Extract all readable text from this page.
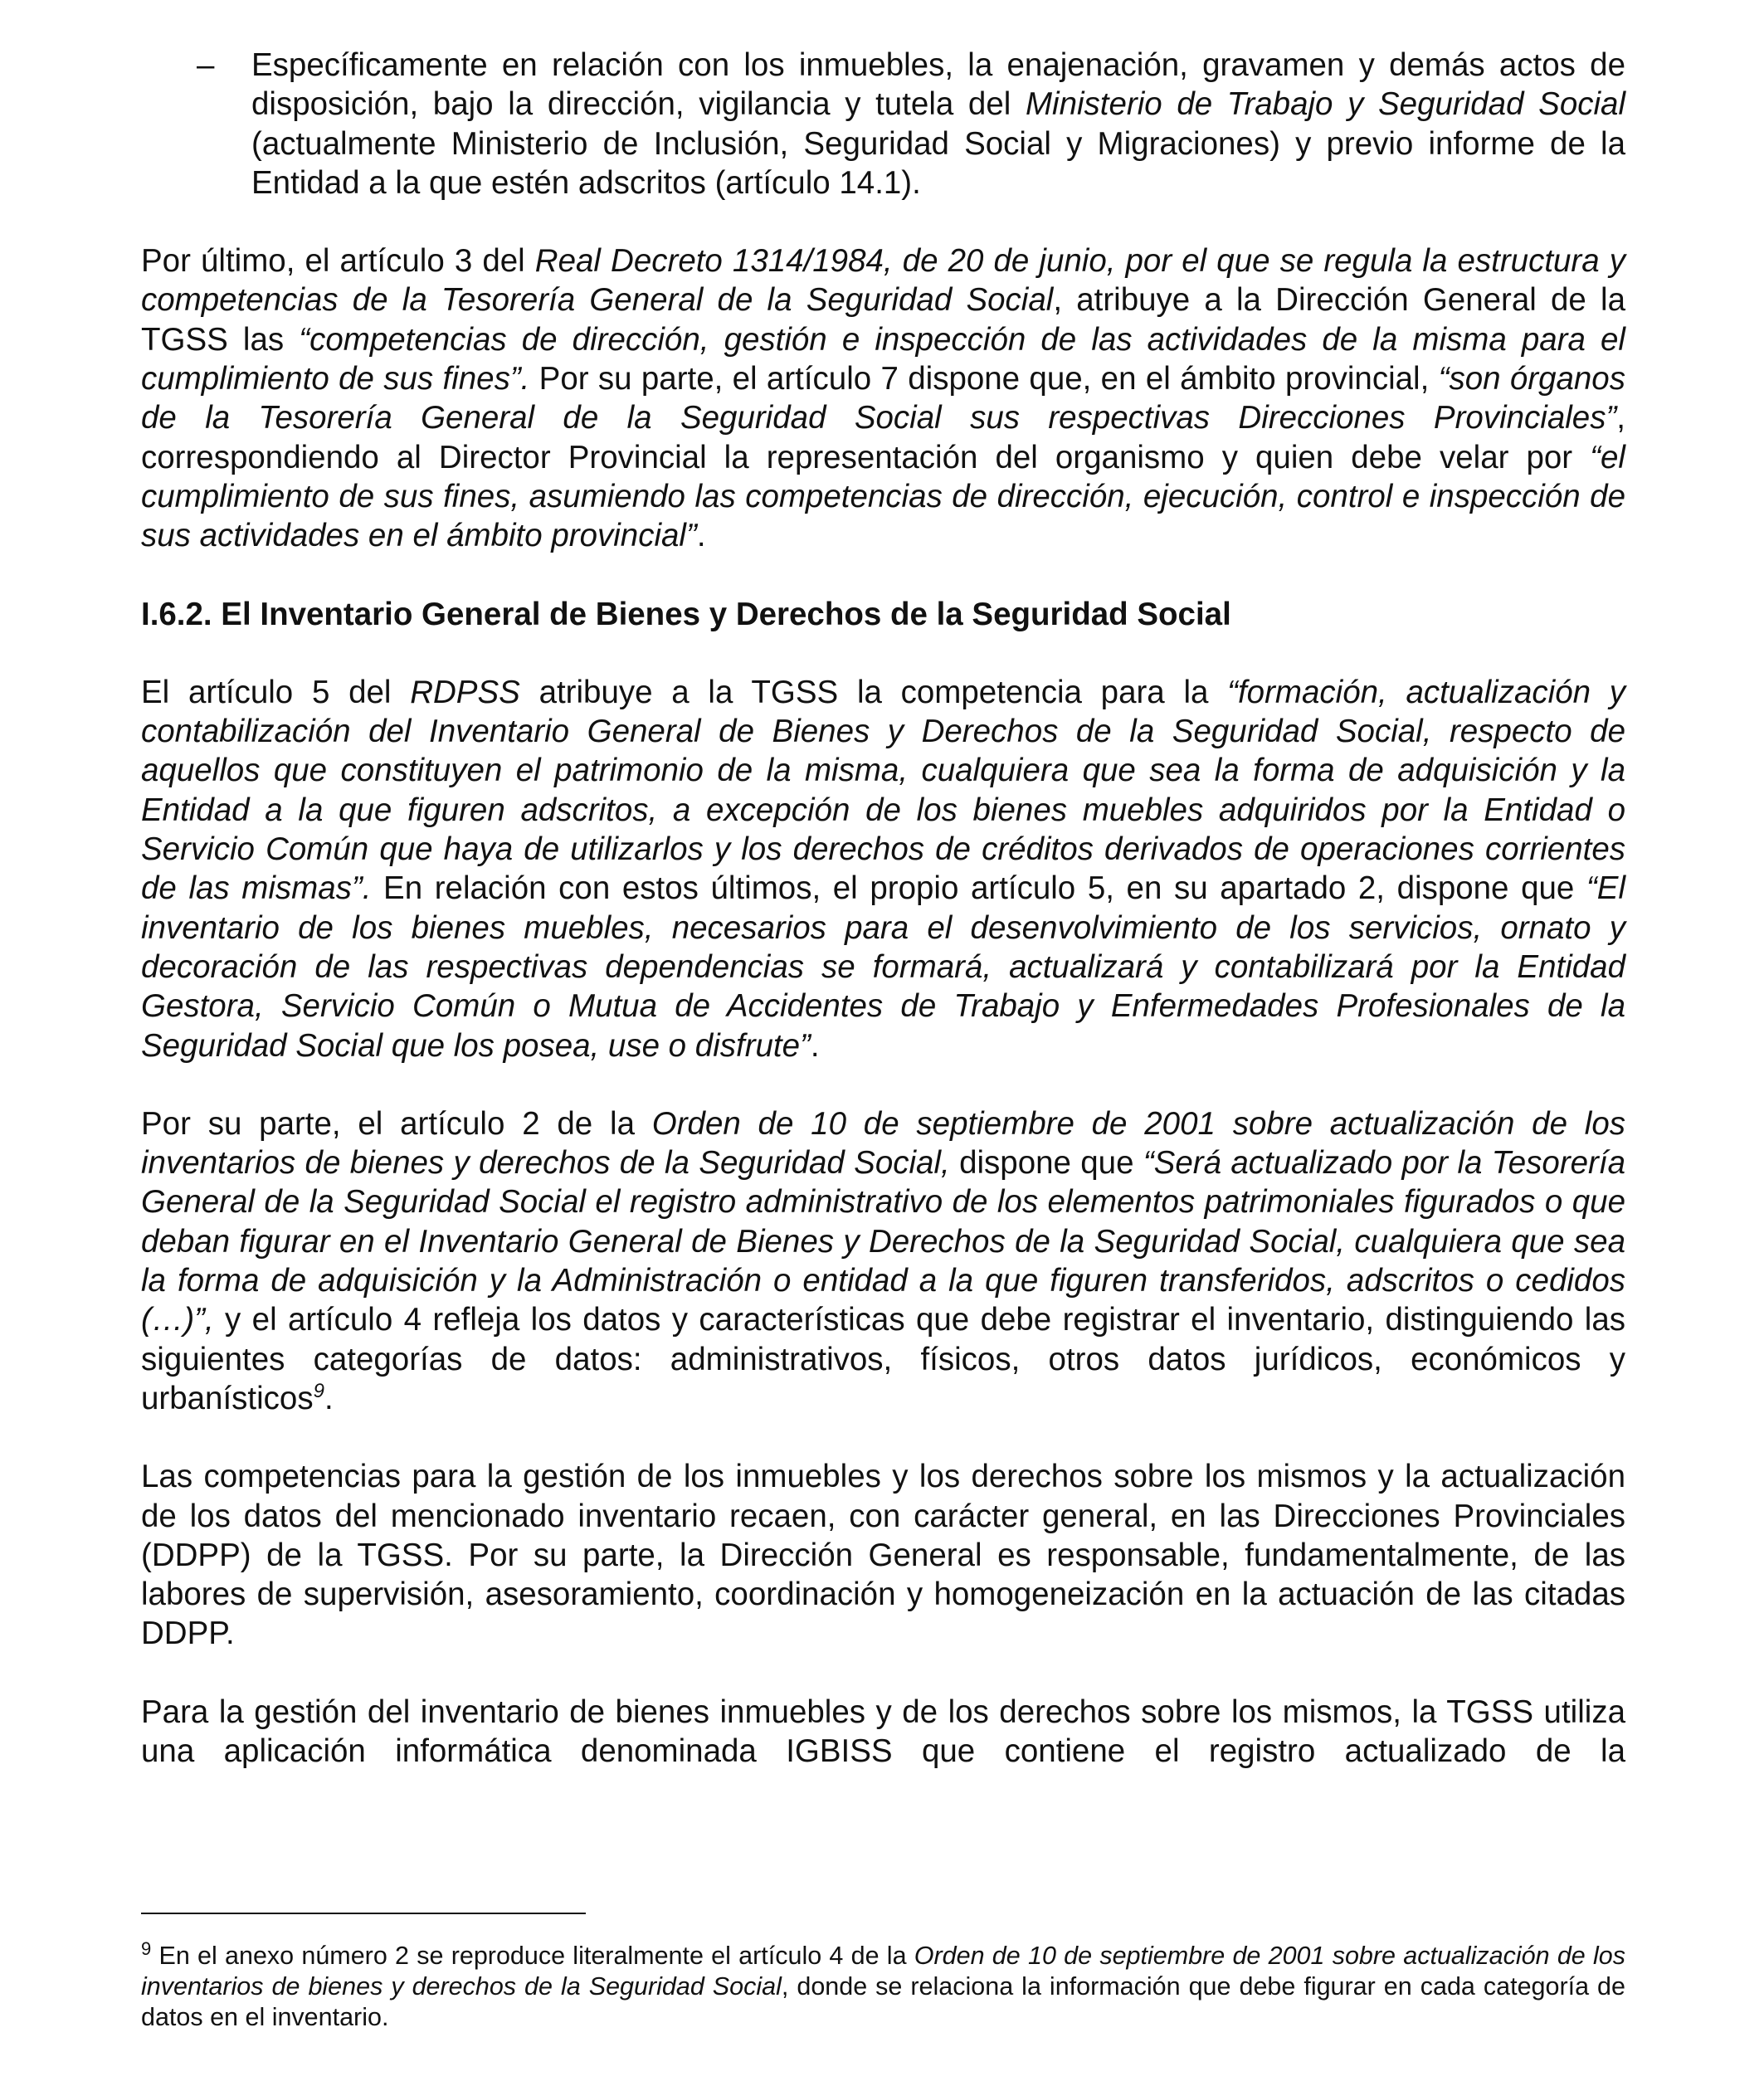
– Específicamente en relación con los inmuebles, la enajenación, gravamen y demás actos de disposición, bajo la dirección, vigilancia y tutela del Ministerio de Trabajo y Seguridad Social (actualmente Ministerio de Inclusión, Seguridad Social y Migraciones) y previo informe de la Entidad a la que estén adscritos (artículo 14.1).

Por último, el artículo 3 del Real Decreto 1314/1984, de 20 de junio, por el que se regula la estructura y competencias de la Tesorería General de la Seguridad Social, atribuye a la Dirección General de la TGSS las “competencias de dirección, gestión e inspección de las actividades de la misma para el cumplimiento de sus fines”. Por su parte, el artículo 7 dispone que, en el ámbito provincial, “son órganos de la Tesorería General de la Seguridad Social sus respectivas Direcciones Provinciales”, correspondiendo al Director Provincial la representación del organismo y quien debe velar por “el cumplimiento de sus fines, asumiendo las competencias de dirección, ejecución, control e inspección de sus actividades en el ámbito provincial”.

I.6.2. El Inventario General de Bienes y Derechos de la Seguridad Social

El artículo 5 del RDPSS atribuye a la TGSS la competencia para la “formación, actualización y contabilización del Inventario General de Bienes y Derechos de la Seguridad Social, respecto de aquellos que constituyen el patrimonio de la misma, cualquiera que sea la forma de adquisición y la Entidad a la que figuren adscritos, a excepción de los bienes muebles adquiridos por la Entidad o Servicio Común que haya de utilizarlos y los derechos de créditos derivados de operaciones corrientes de las mismas”. En relación con estos últimos, el propio artículo 5, en su apartado 2, dispone que “El inventario de los bienes muebles, necesarios para el desenvolvimiento de los servicios, ornato y decoración de las respectivas dependencias se formará, actualizará y contabilizará por la Entidad Gestora, Servicio Común o Mutua de Accidentes de Trabajo y Enfermedades Profesionales de la Seguridad Social que los posea, use o disfrute”.

Por su parte, el artículo 2 de la Orden de 10 de septiembre de 2001 sobre actualización de los inventarios de bienes y derechos de la Seguridad Social, dispone que “Será actualizado por la Tesorería General de la Seguridad Social el registro administrativo de los elementos patrimoniales figurados o que deban figurar en el Inventario General de Bienes y Derechos de la Seguridad Social, cualquiera que sea la forma de adquisición y la Administración o entidad a la que figuren transferidos, adscritos o cedidos (…)”, y el artículo 4 refleja los datos y características que debe registrar el inventario, distinguiendo las siguientes categorías de datos: administrativos, físicos, otros datos jurídicos, económicos y urbanísticos$^9$.

Las competencias para la gestión de los inmuebles y los derechos sobre los mismos y la actualización de los datos del mencionado inventario recaen, con carácter general, en las Direcciones Provinciales (DDPP) de la TGSS. Por su parte, la Dirección General es responsable, fundamentalmente, de las labores de supervisión, asesoramiento, coordinación y homogeneización en la actuación de las citadas DDPP.

Para la gestión del inventario de bienes inmuebles y de los derechos sobre los mismos, la TGSS utiliza una aplicación informática denominada IGBISS que contiene el registro actualizado de la

$^9$ En el anexo número 2 se reproduce literalmente el artículo 4 de la Orden de 10 de septiembre de 2001 sobre actualización de los inventarios de bienes y derechos de la Seguridad Social, donde se relaciona la información que debe figurar en cada categoría de datos en el inventario.
